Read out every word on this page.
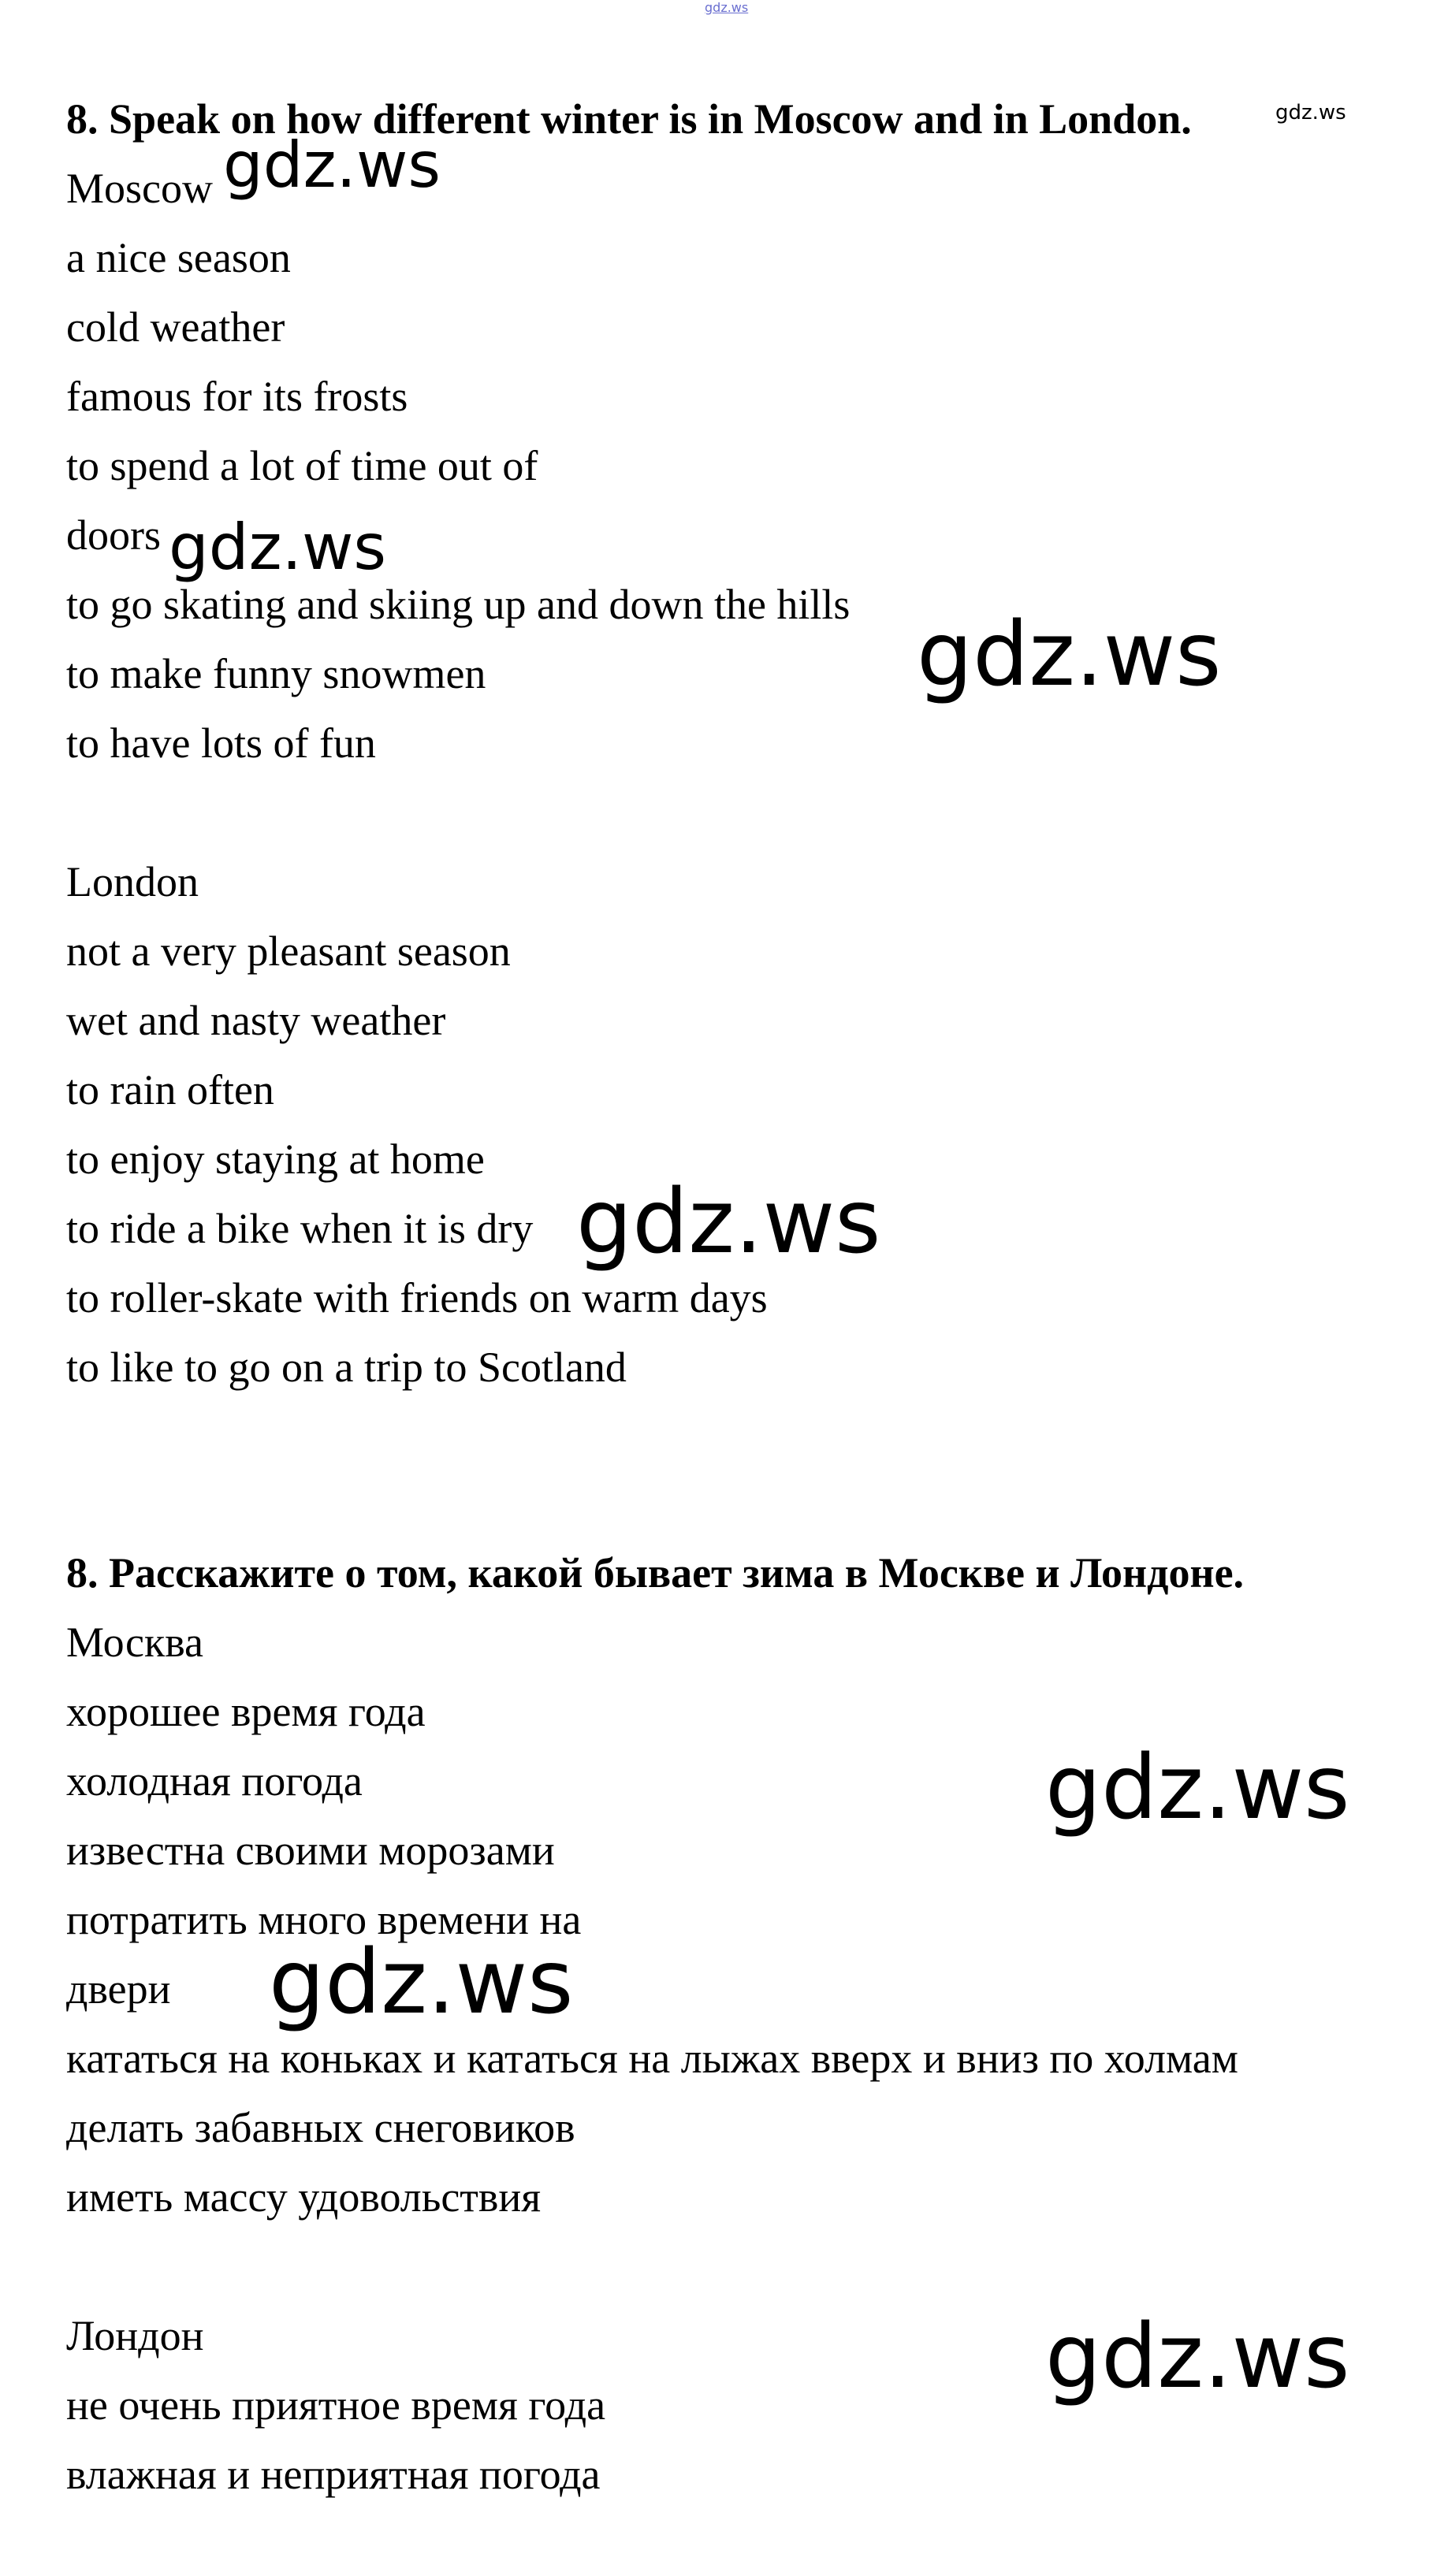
gdz.ws

8. Speak on how different winter is in Moscow and in London.	gdz.ws

Moscow gdz.ws

a nice season

cold weather

famous for its frosts

to spend a lot of time out of

doors gdz.ws

to go skating and skiing up and down the hills gdz.ws

to make funny snowmen

to have lots of fun

London

not a very pleasant season

wet and nasty weather

to rain often

to enjoy staying at home

to ride a bike when it is dry gdz.ws

to roller-skate with friends on warm days

to like to go on a trip to Scotland

8. Расскажите о том, какой бывает зима в Москве и Лондоне.

Москва

хорошее время года

холодная погода	gdz.ws

известна своими морозами

потратить много времени на

двери gdz.ws

кататься на коньках и кататься на лыжах вверх и вниз по холмам

делать забавных снеговиков

иметь массу удовольствия

Лондон	gdz.ws

не очень приятное время года

влажная и неприятная погода
